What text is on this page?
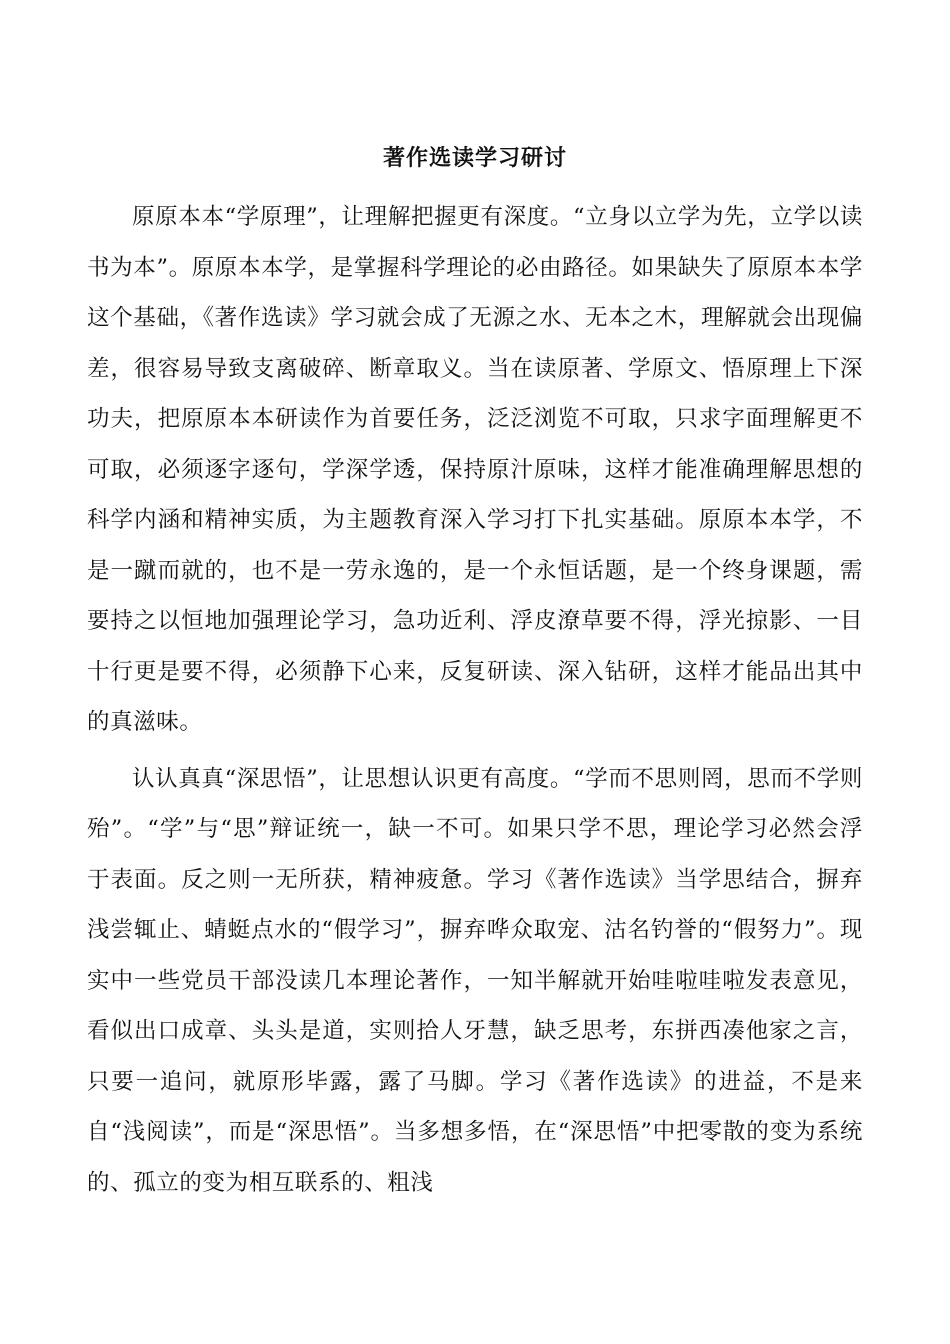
著作选读学习研讨

原原本本“学原理”，让理解把握更有深度。“立身以立学为先，立学以读书为本”。原原本本学，是掌握科学理论的必由路径。如果缺失了原原本本学这个基础，《著作选读》学习就会成了无源之水、无本之木，理解就会出现偏差，很容易导致支离破碎、断章取义。当在读原著、学原文、悟原理上下深功夫，把原原本本研读作为首要任务，泛泛浏览不可取，只求字面理解更不可取，必须逐字逐句，学深学透，保持原汁原味，这样才能准确理解思想的科学内涵和精神实质，为主题教育深入学习打下扎实基础。原原本本学，不是一蹴而就的，也不是一劳永逸的，是一个永恒话题，是一个终身课题，需要持之以恒地加强理论学习，急功近利、浮皮潦草要不得，浮光掠影、一目十行更是要不得，必须静下心来，反复研读、深入钻研，这样才能品出其中的真滋味。

认认真真“深思悟”，让思想认识更有高度。“学而不思则罔，思而不学则殆”。“学”与“思”辩证统一，缺一不可。如果只学不思，理论学习必然会浮于表面。反之则一无所获，精神疲惫。学习《著作选读》当学思结合，摒弃浅尝辄止、蜻蜓点水的“假学习”，摒弃哗众取宠、沽名钓誉的“假努力”。现实中一些党员干部没读几本理论著作，一知半解就开始哇啦哇啦发表意见，看似出口成章、头头是道，实则拾人牙慧，缺乏思考，东拼西凑他家之言，只要一追问，就原形毕露，露了马脚。学习《著作选读》的进益，不是来自“浅阅读”，而是“深思悟”。当多想多悟，在“深思悟”中把零散的变为系统的、孤立的变为相互联系的、粗浅
